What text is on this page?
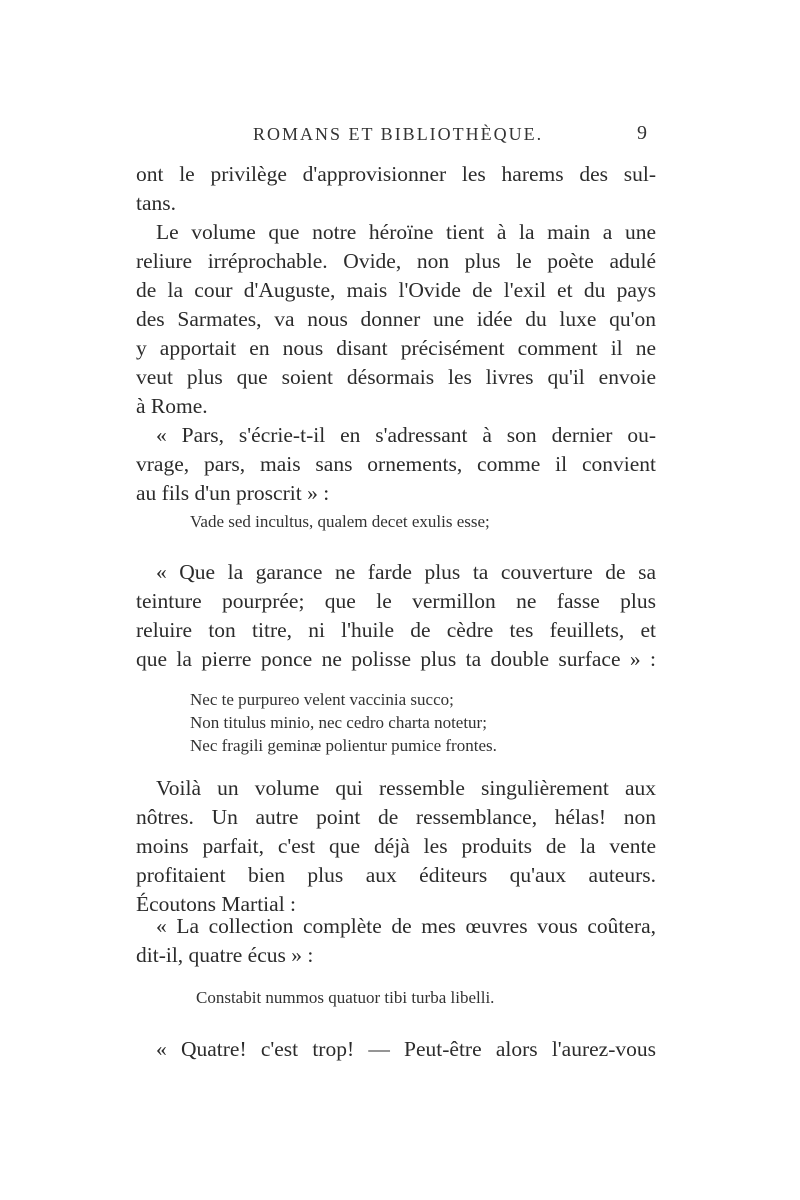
ROMANS ET BIBLIOTHÈQUE.	9
ont le privilège d'approvisionner les harems des sul-
tans.
Le volume que notre héroïne tient à la main a une
reliure irréprochable. Ovide, non plus le poète adulé
de la cour d'Auguste, mais l'Ovide de l'exil et du pays
des Sarmates, va nous donner une idée du luxe qu'on
y apportait en nous disant précisément comment il ne
veut plus que soient désormais les livres qu'il envoie
à Rome.
« Pars, s'écrie-t-il en s'adressant à son dernier ou-
vrage, pars, mais sans ornements, comme il convient
au fils d'un proscrit » :
Vade sed incultus, qualem decet exulis esse;
« Que la garance ne farde plus ta couverture de sa
teinture pourprée; que le vermillon ne fasse plus
reluire ton titre, ni l'huile de cèdre tes feuillets, et
que la pierre ponce ne polisse plus ta double surface » :
Nec te purpureo velent vaccinia succo;
Non titulus minio, nec cedro charta notetur;
Nec fragili geminæ polientur pumice frontes.
Voilà un volume qui ressemble singulièrement aux
nôtres. Un autre point de ressemblance, hélas! non
moins parfait, c'est que déjà les produits de la vente
profitaient bien plus aux éditeurs qu'aux auteurs.
Écoutons Martial :
« La collection complète de mes œuvres vous coûtera,
dit-il, quatre écus » :
Constabit nummos quatuor tibi turba libelli.
« Quatre! c'est trop! — Peut-être alors l'aurez-vous
